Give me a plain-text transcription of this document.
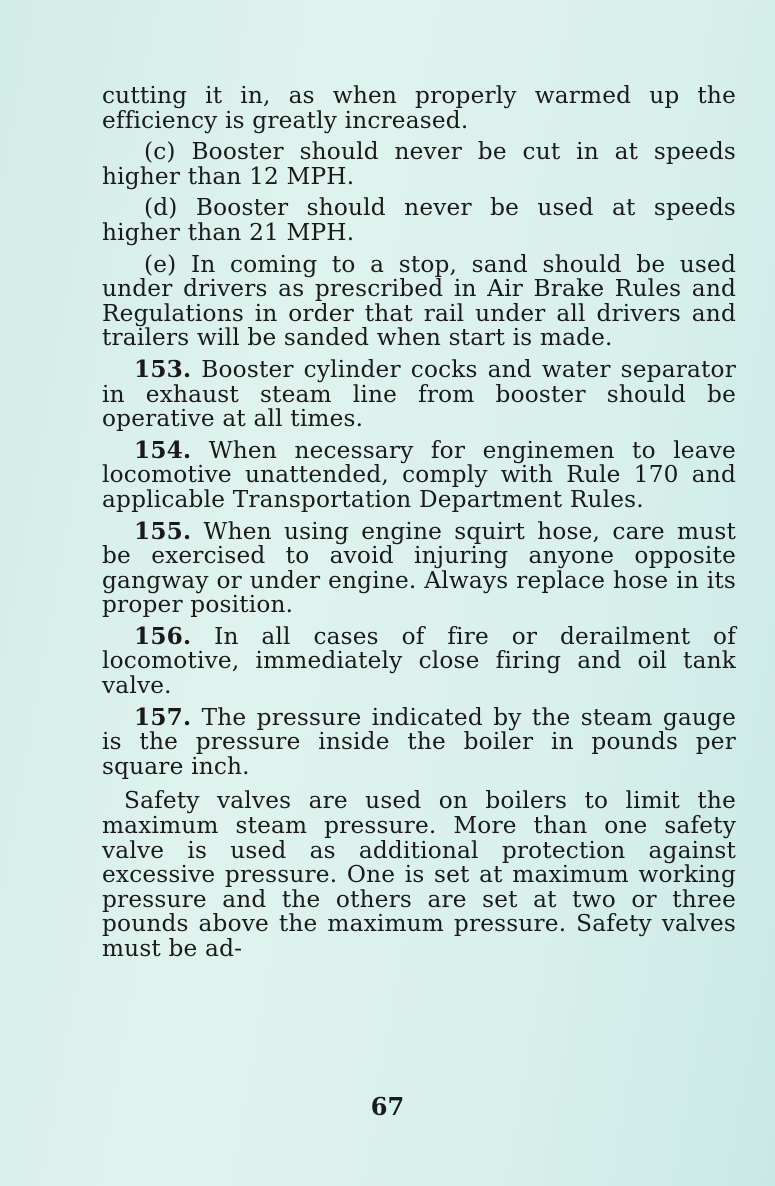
cutting it in, as when properly warmed up the efficiency is greatly increased.

(c) Booster should never be cut in at speeds higher than 12 MPH.

(d) Booster should never be used at speeds higher than 21 MPH.

(e) In coming to a stop, sand should be used under drivers as prescribed in Air Brake Rules and Regulations in order that rail under all drivers and trailers will be sanded when start is made.

153. Booster cylinder cocks and water separator in exhaust steam line from booster should be operative at all times.

154. When necessary for enginemen to leave locomotive unattended, comply with Rule 170 and applicable Transportation Department Rules.

155. When using engine squirt hose, care must be exercised to avoid injuring anyone opposite gangway or under engine. Always replace hose in its proper position.

156. In all cases of fire or derailment of locomotive, immediately close firing and oil tank valve.

157. The pressure indicated by the steam gauge is the pressure inside the boiler in pounds per square inch.

Safety valves are used on boilers to limit the maximum steam pressure. More than one safety valve is used as additional protection against excessive pressure. One is set at maximum working pressure and the others are set at two or three pounds above the maximum pressure. Safety valves must be ad-

67
